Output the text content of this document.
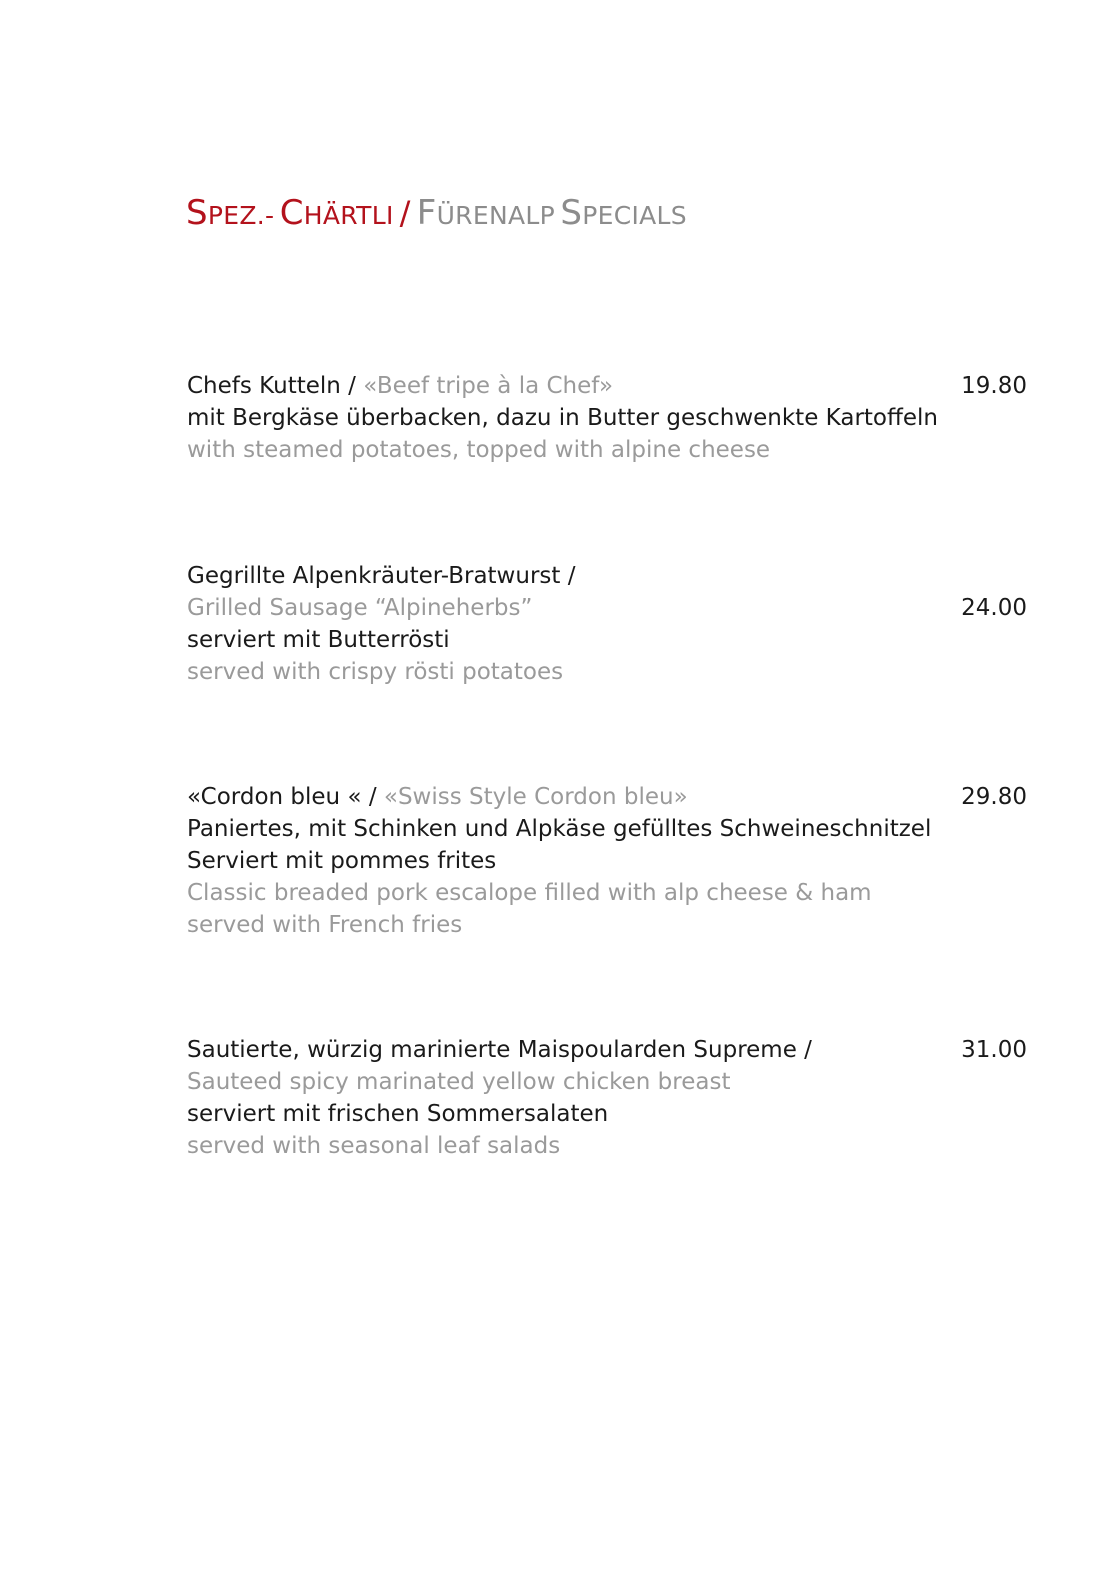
SPEZ.- CHÄRTLI / FÜRENALP SPECIALS
Chefs Kutteln / «Beef tripe à la Chef»
mit Bergkäse überbacken, dazu in Butter geschwenkte Kartoffeln
with steamed potatoes, topped with alpine cheese
19.80
Gegrillte Alpenkräuter-Bratwurst /
Grilled Sausage “Alpineherbs”
serviert mit Butterrösti
served with crispy rösti potatoes
24.00
«Cordon bleu « / «Swiss Style Cordon bleu»
Paniertes, mit Schinken und Alpkäse gefülltes Schweineschnitzel
Serviert mit pommes frites
Classic breaded pork escalope filled with alp cheese & ham
served with French fries
29.80
Sautierte, würzig marinierte Maispoularden Supreme /
Sauteed spicy marinated yellow chicken breast
serviert mit frischen Sommersalaten
served with seasonal leaf salads
31.00
